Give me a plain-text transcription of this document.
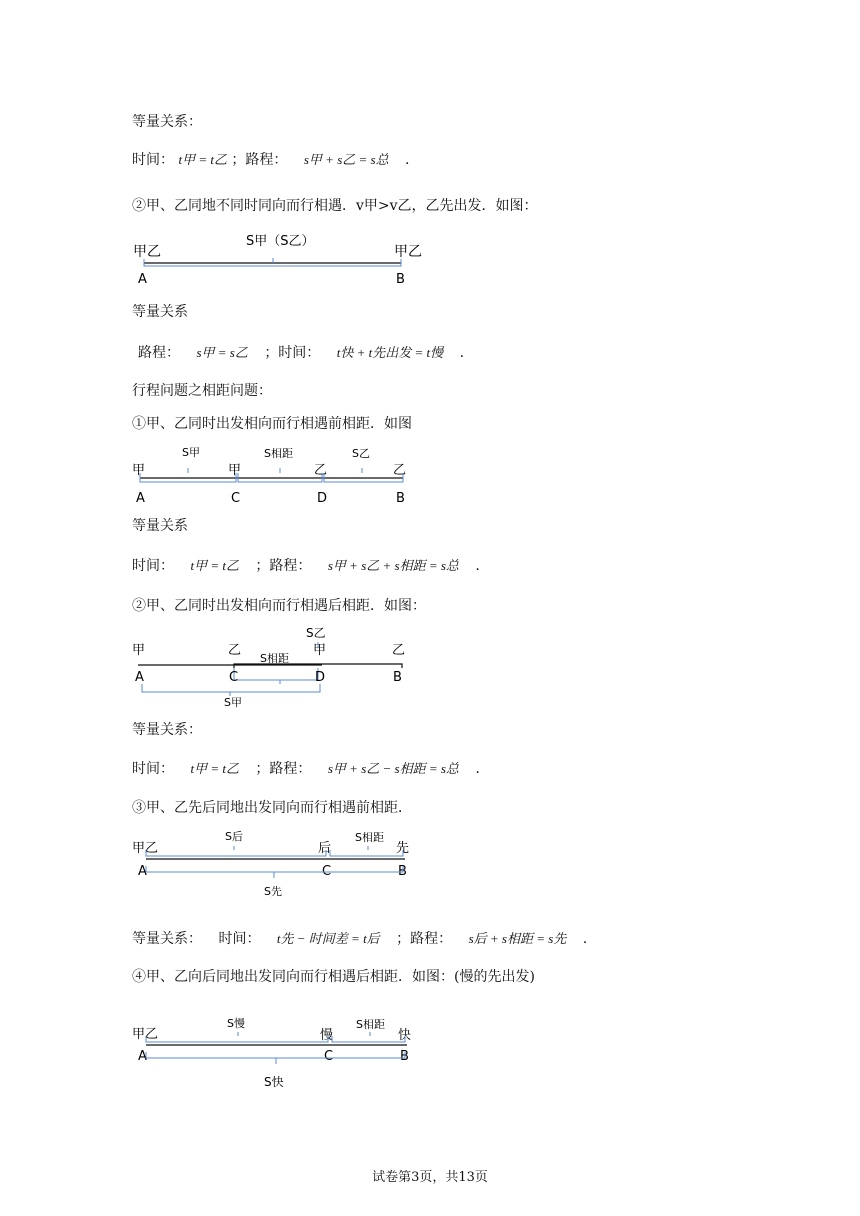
等量关系：
时间： t甲 = t乙 ；路程： s甲 + s乙 = s总 .
②甲、乙同地不同时同向而行相遇．v甲>v乙，乙先出发．如图：
S甲（S乙）
甲乙	甲乙
A	B
等量关系
路程： s甲 = s乙 ；时间： t快 + t先出发 = t慢 .
行程问题之相距问题：
①甲、乙同时出发相向而行相遇前相距．如图
S甲	S相距	S乙
甲	甲	乙	乙
A	C	D	B
等量关系
时间： t甲 = t乙 ；路程： s甲 + s乙 + s相距 = s总 .
②甲、乙同时出发相向而行相遇后相距．如图：
S乙
甲	乙	甲	乙
S相距
A	C	D	B
S甲
等量关系：
时间： t甲 = t乙 ；路程： s甲 + s乙 − s相距 = s总 .
③甲、乙先后同地出发同向而行相遇前相距．
甲乙
S后
后
S相距
先
A	C	B
S先
等量关系： 时间： t先 − 时间差 = t后 ；路程： s后 + s相距 = s先 .
④甲、乙向后同地出发同向而行相遇后相距．如图：(慢的先出发)
甲乙
S慢
慢
S相距
快
A	C	B
S快
试卷第3页，共13页
